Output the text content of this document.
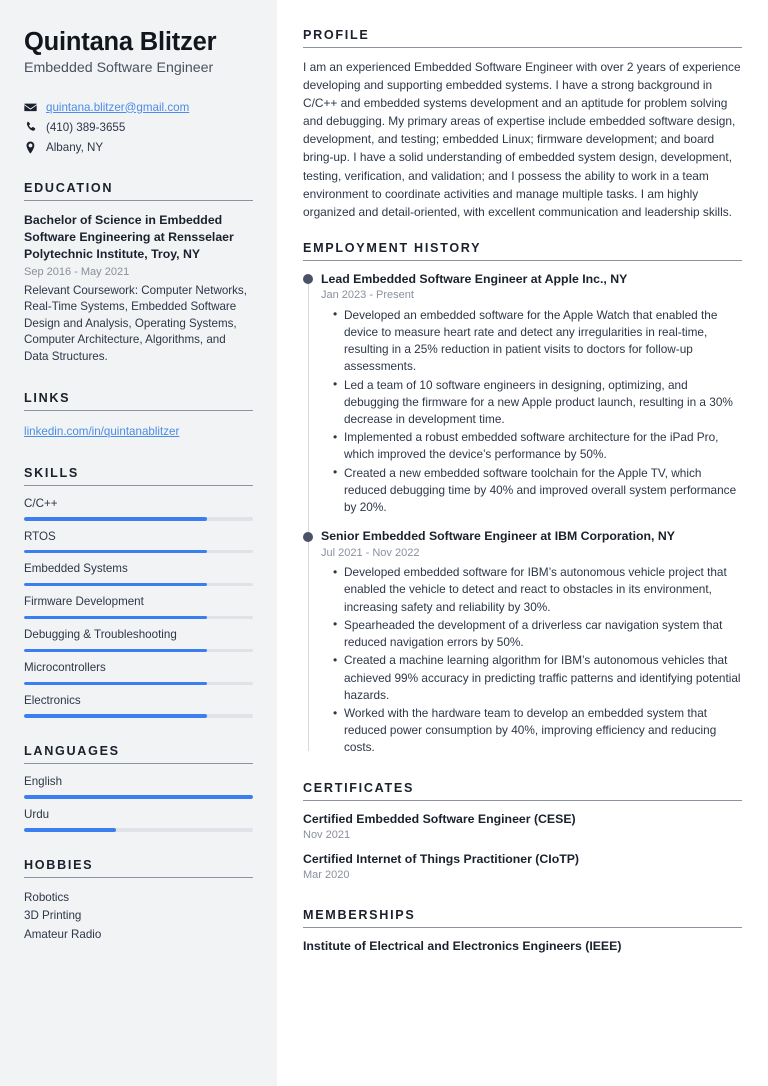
Quintana Blitzer
Embedded Software Engineer
quintana.blitzer@gmail.com
(410) 389-3655
Albany, NY
EDUCATION
Bachelor of Science in Embedded Software Engineering at Rensselaer Polytechnic Institute, Troy, NY
Sep 2016 - May 2021
Relevant Coursework: Computer Networks, Real-Time Systems, Embedded Software Design and Analysis, Operating Systems, Computer Architecture, Algorithms, and Data Structures.
LINKS
linkedin.com/in/quintanablitzer
SKILLS
C/C++
RTOS
Embedded Systems
Firmware Development
Debugging & Troubleshooting
Microcontrollers
Electronics
LANGUAGES
English
Urdu
HOBBIES
Robotics
3D Printing
Amateur Radio
PROFILE

I am an experienced Embedded Software Engineer with over 2 years of experience developing and supporting embedded systems. I have a strong background in C/C++ and embedded systems development and an aptitude for problem solving and debugging. My primary areas of expertise include embedded software design, development, and testing; embedded Linux; firmware development; and board bring-up. I have a solid understanding of embedded system design, development, testing, verification, and validation; and I possess the ability to work in a team environment to coordinate activities and manage multiple tasks. I am highly organized and detail-oriented, with excellent communication and leadership skills.

EMPLOYMENT HISTORY
Lead Embedded Software Engineer at Apple Inc., NY
Jan 2023 - Present
• Developed an embedded software for the Apple Watch that enabled the device to measure heart rate and detect any irregularities in real-time, resulting in a 25% reduction in patient visits to doctors for follow-up assessments.
• Led a team of 10 software engineers in designing, optimizing, and debugging the firmware for a new Apple product launch, resulting in a 30% decrease in development time.
• Implemented a robust embedded software architecture for the iPad Pro, which improved the device’s performance by 50%.
• Created a new embedded software toolchain for the Apple TV, which reduced debugging time by 40% and improved overall system performance by 20%.
Senior Embedded Software Engineer at IBM Corporation, NY
Jul 2021 - Nov 2022
• Developed embedded software for IBM’s autonomous vehicle project that enabled the vehicle to detect and react to obstacles in its environment, increasing safety and reliability by 30%.
• Spearheaded the development of a driverless car navigation system that reduced navigation errors by 50%.
• Created a machine learning algorithm for IBM’s autonomous vehicles that achieved 99% accuracy in predicting traffic patterns and identifying potential hazards.
• Worked with the hardware team to develop an embedded system that reduced power consumption by 40%, improving efficiency and reducing costs.
CERTIFICATES
Certified Embedded Software Engineer (CESE)
Nov 2021
Certified Internet of Things Practitioner (CIoTP)
Mar 2020
MEMBERSHIPS
Institute of Electrical and Electronics Engineers (IEEE)
